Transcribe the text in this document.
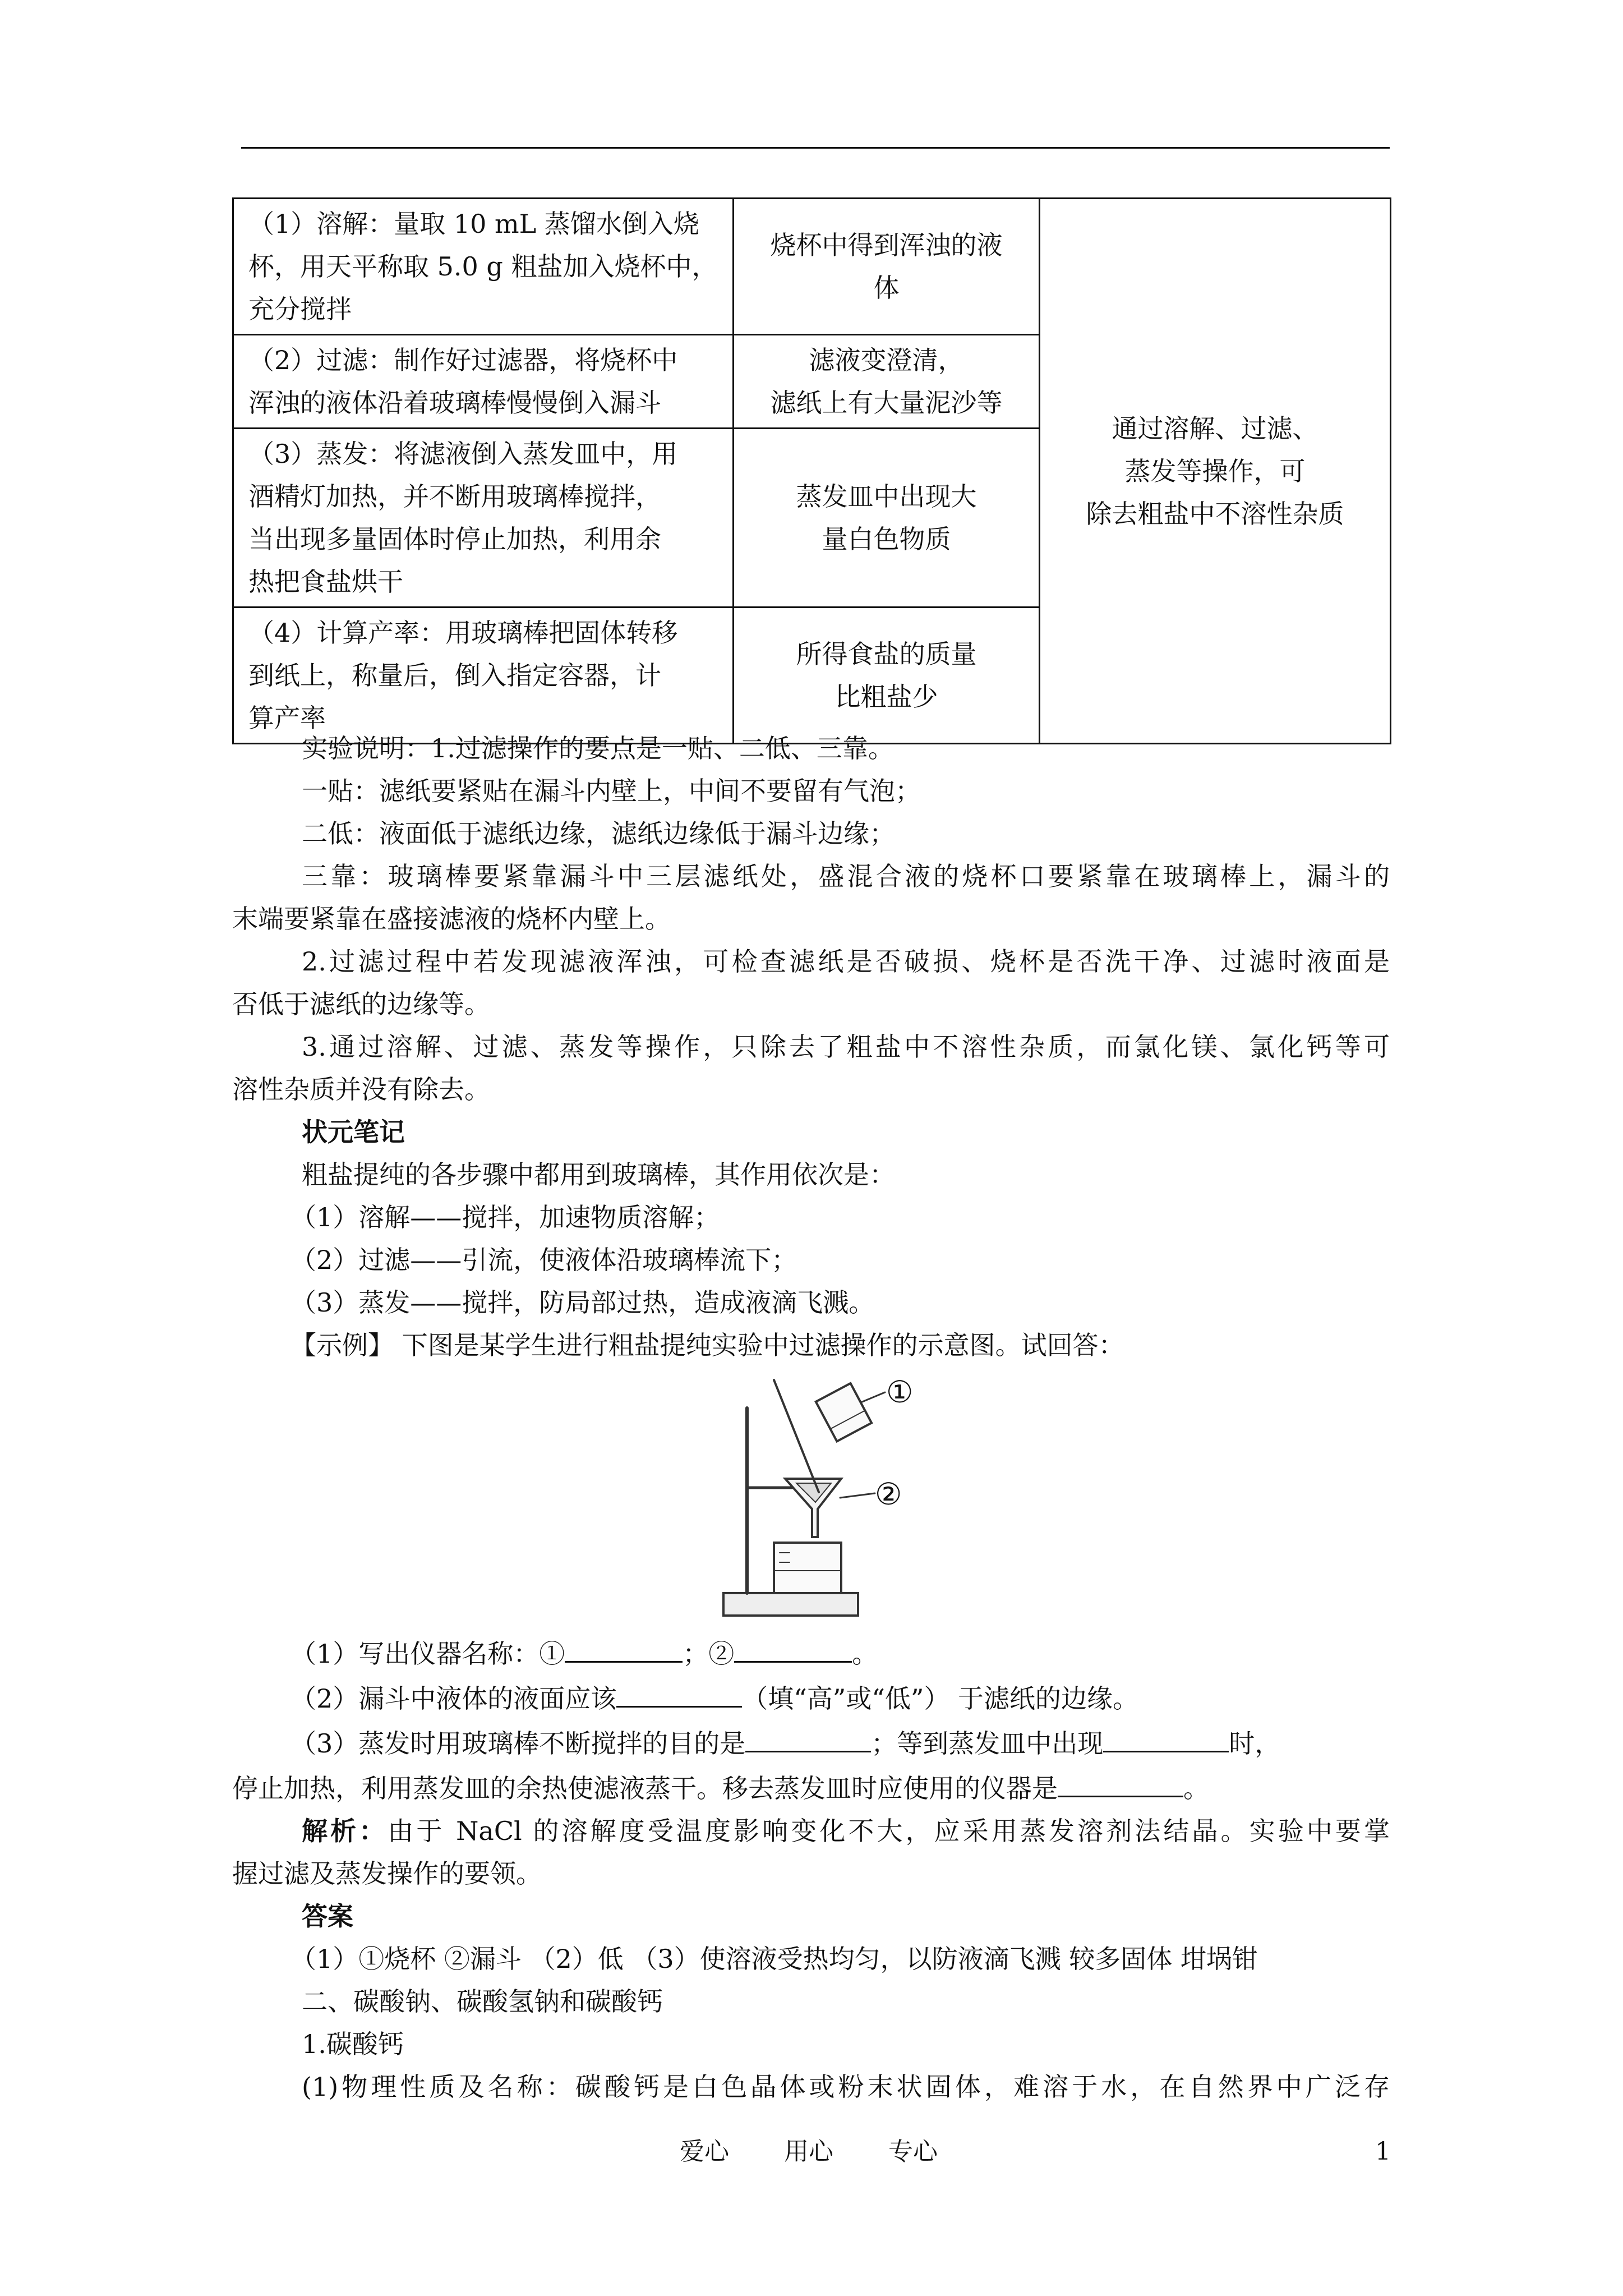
（1）溶解：量取 10 mL 蒸馏水倒入烧
杯，用天平称取 5.0 g 粗盐加入烧杯中，
充分搅拌	烧杯中得到浑浊的液
体	通过溶解、过滤、
蒸发等操作，可
除去粗盐中不溶性杂质

（2）过滤：制作好过滤器，将烧杯中
浑浊的液体沿着玻璃棒慢慢倒入漏斗	滤液变澄清，
滤纸上有大量泥沙等	

（3）蒸发：将滤液倒入蒸发皿中，用
酒精灯加热，并不断用玻璃棒搅拌，
当出现多量固体时停止加热，利用余
热把食盐烘干	蒸发皿中出现大
量白色物质	

（4）计算产率：用玻璃棒把固体转移
到纸上，称量后，倒入指定容器，计
算产率	所得食盐的质量
比粗盐少	
实验说明：1.过滤操作的要点是一贴、二低、三靠。
一贴：滤纸要紧贴在漏斗内壁上，中间不要留有气泡；
二低：液面低于滤纸边缘，滤纸边缘低于漏斗边缘；
三靠：玻璃棒要紧靠漏斗中三层滤纸处，盛混合液的烧杯口要紧靠在玻璃棒上，漏斗的
末端要紧靠在盛接滤液的烧杯内壁上。
2.过滤过程中若发现滤液浑浊，可检查滤纸是否破损、烧杯是否洗干净、过滤时液面是
否低于滤纸的边缘等。
3.通过溶解、过滤、蒸发等操作，只除去了粗盐中不溶性杂质，而氯化镁、氯化钙等可
溶性杂质并没有除去。
状元笔记
粗盐提纯的各步骤中都用到玻璃棒，其作用依次是：
（1）溶解——搅拌，加速物质溶解；
（2）过滤——引流，使液体沿玻璃棒流下；
（3）蒸发——搅拌，防局部过热，造成液滴飞溅。
【示例】 下图是某学生进行粗盐提纯实验中过滤操作的示意图。试回答：
①
②
（1）写出仪器名称：①	；②	。
（2）漏斗中液体的液面应该	（填“高”或“低”） 于滤纸的边缘。
（3）蒸发时用玻璃棒不断搅拌的目的是	；等到蒸发皿中出现	时，
停止加热，利用蒸发皿的余热使滤液蒸干。移去蒸发皿时应使用的仪器是	。
解析：由于 NaCl 的溶解度受温度影响变化不大，应采用蒸发溶剂法结晶。实验中要掌
握过滤及蒸发操作的要领。
答案
（1）①烧杯 ②漏斗 （2）低 （3）使溶液受热均匀，以防液滴飞溅 较多固体 坩埚钳
二、碳酸钠、碳酸氢钠和碳酸钙
1.碳酸钙
(1)物理性质及名称：碳酸钙是白色晶体或粉末状固体，难溶于水，在自然界中广泛存
爱心 用心 专心	1
